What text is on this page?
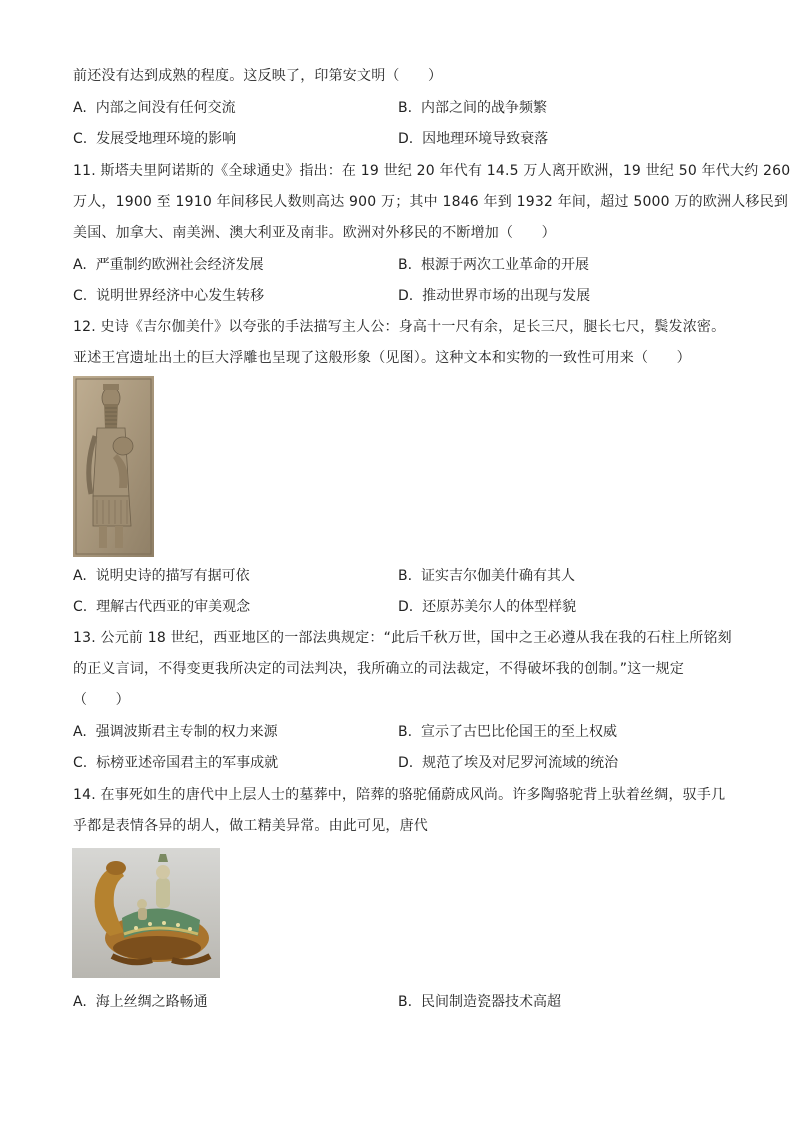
前还没有达到成熟的程度。这反映了，印第安文明（　　）
A. 内部之间没有任何交流	B. 内部之间的战争频繁
C. 发展受地理环境的影响	D. 因地理环境导致衰落
11. 斯塔夫里阿诺斯的《全球通史》指出：在 19 世纪 20 年代有 14.5 万人离开欧洲，19 世纪 50 年代大约 260
万人，1900 至 1910 年间移民人数则高达 900 万；其中 1846 年到 1932 年间，超过 5000 万的欧洲人移民到
美国、加拿大、南美洲、澳大利亚及南非。欧洲对外移民的不断增加（　　）
A. 严重制约欧洲社会经济发展	B. 根源于两次工业革命的开展
C. 说明世界经济中心发生转移	D. 推动世界市场的出现与发展
12. 史诗《吉尔伽美什》以夸张的手法描写主人公：身高十一尺有余，足长三尺，腿长七尺，鬓发浓密。
亚述王宫遗址出土的巨大浮雕也呈现了这般形象（见图）。这种文本和实物的一致性可用来（　　）
A. 说明史诗的描写有据可依	B. 证实吉尔伽美什确有其人
C. 理解古代西亚的审美观念	D. 还原苏美尔人的体型样貌
13. 公元前 18 世纪，西亚地区的一部法典规定：“此后千秋万世，国中之王必遵从我在我的石柱上所铭刻
的正义言词，不得变更我所决定的司法判决，我所确立的司法裁定，不得破坏我的创制。”这一规定
（　　）
A. 强调波斯君主专制的权力来源	B. 宣示了古巴比伦国王的至上权威
C. 标榜亚述帝国君主的军事成就	D. 规范了埃及对尼罗河流域的统治
14. 在事死如生的唐代中上层人士的墓葬中，陪葬的骆驼俑蔚成风尚。许多陶骆驼背上驮着丝绸，驭手几
乎都是表情各异的胡人，做工精美异常。由此可见，唐代
A. 海上丝绸之路畅通	B. 民间制造瓷器技术高超
